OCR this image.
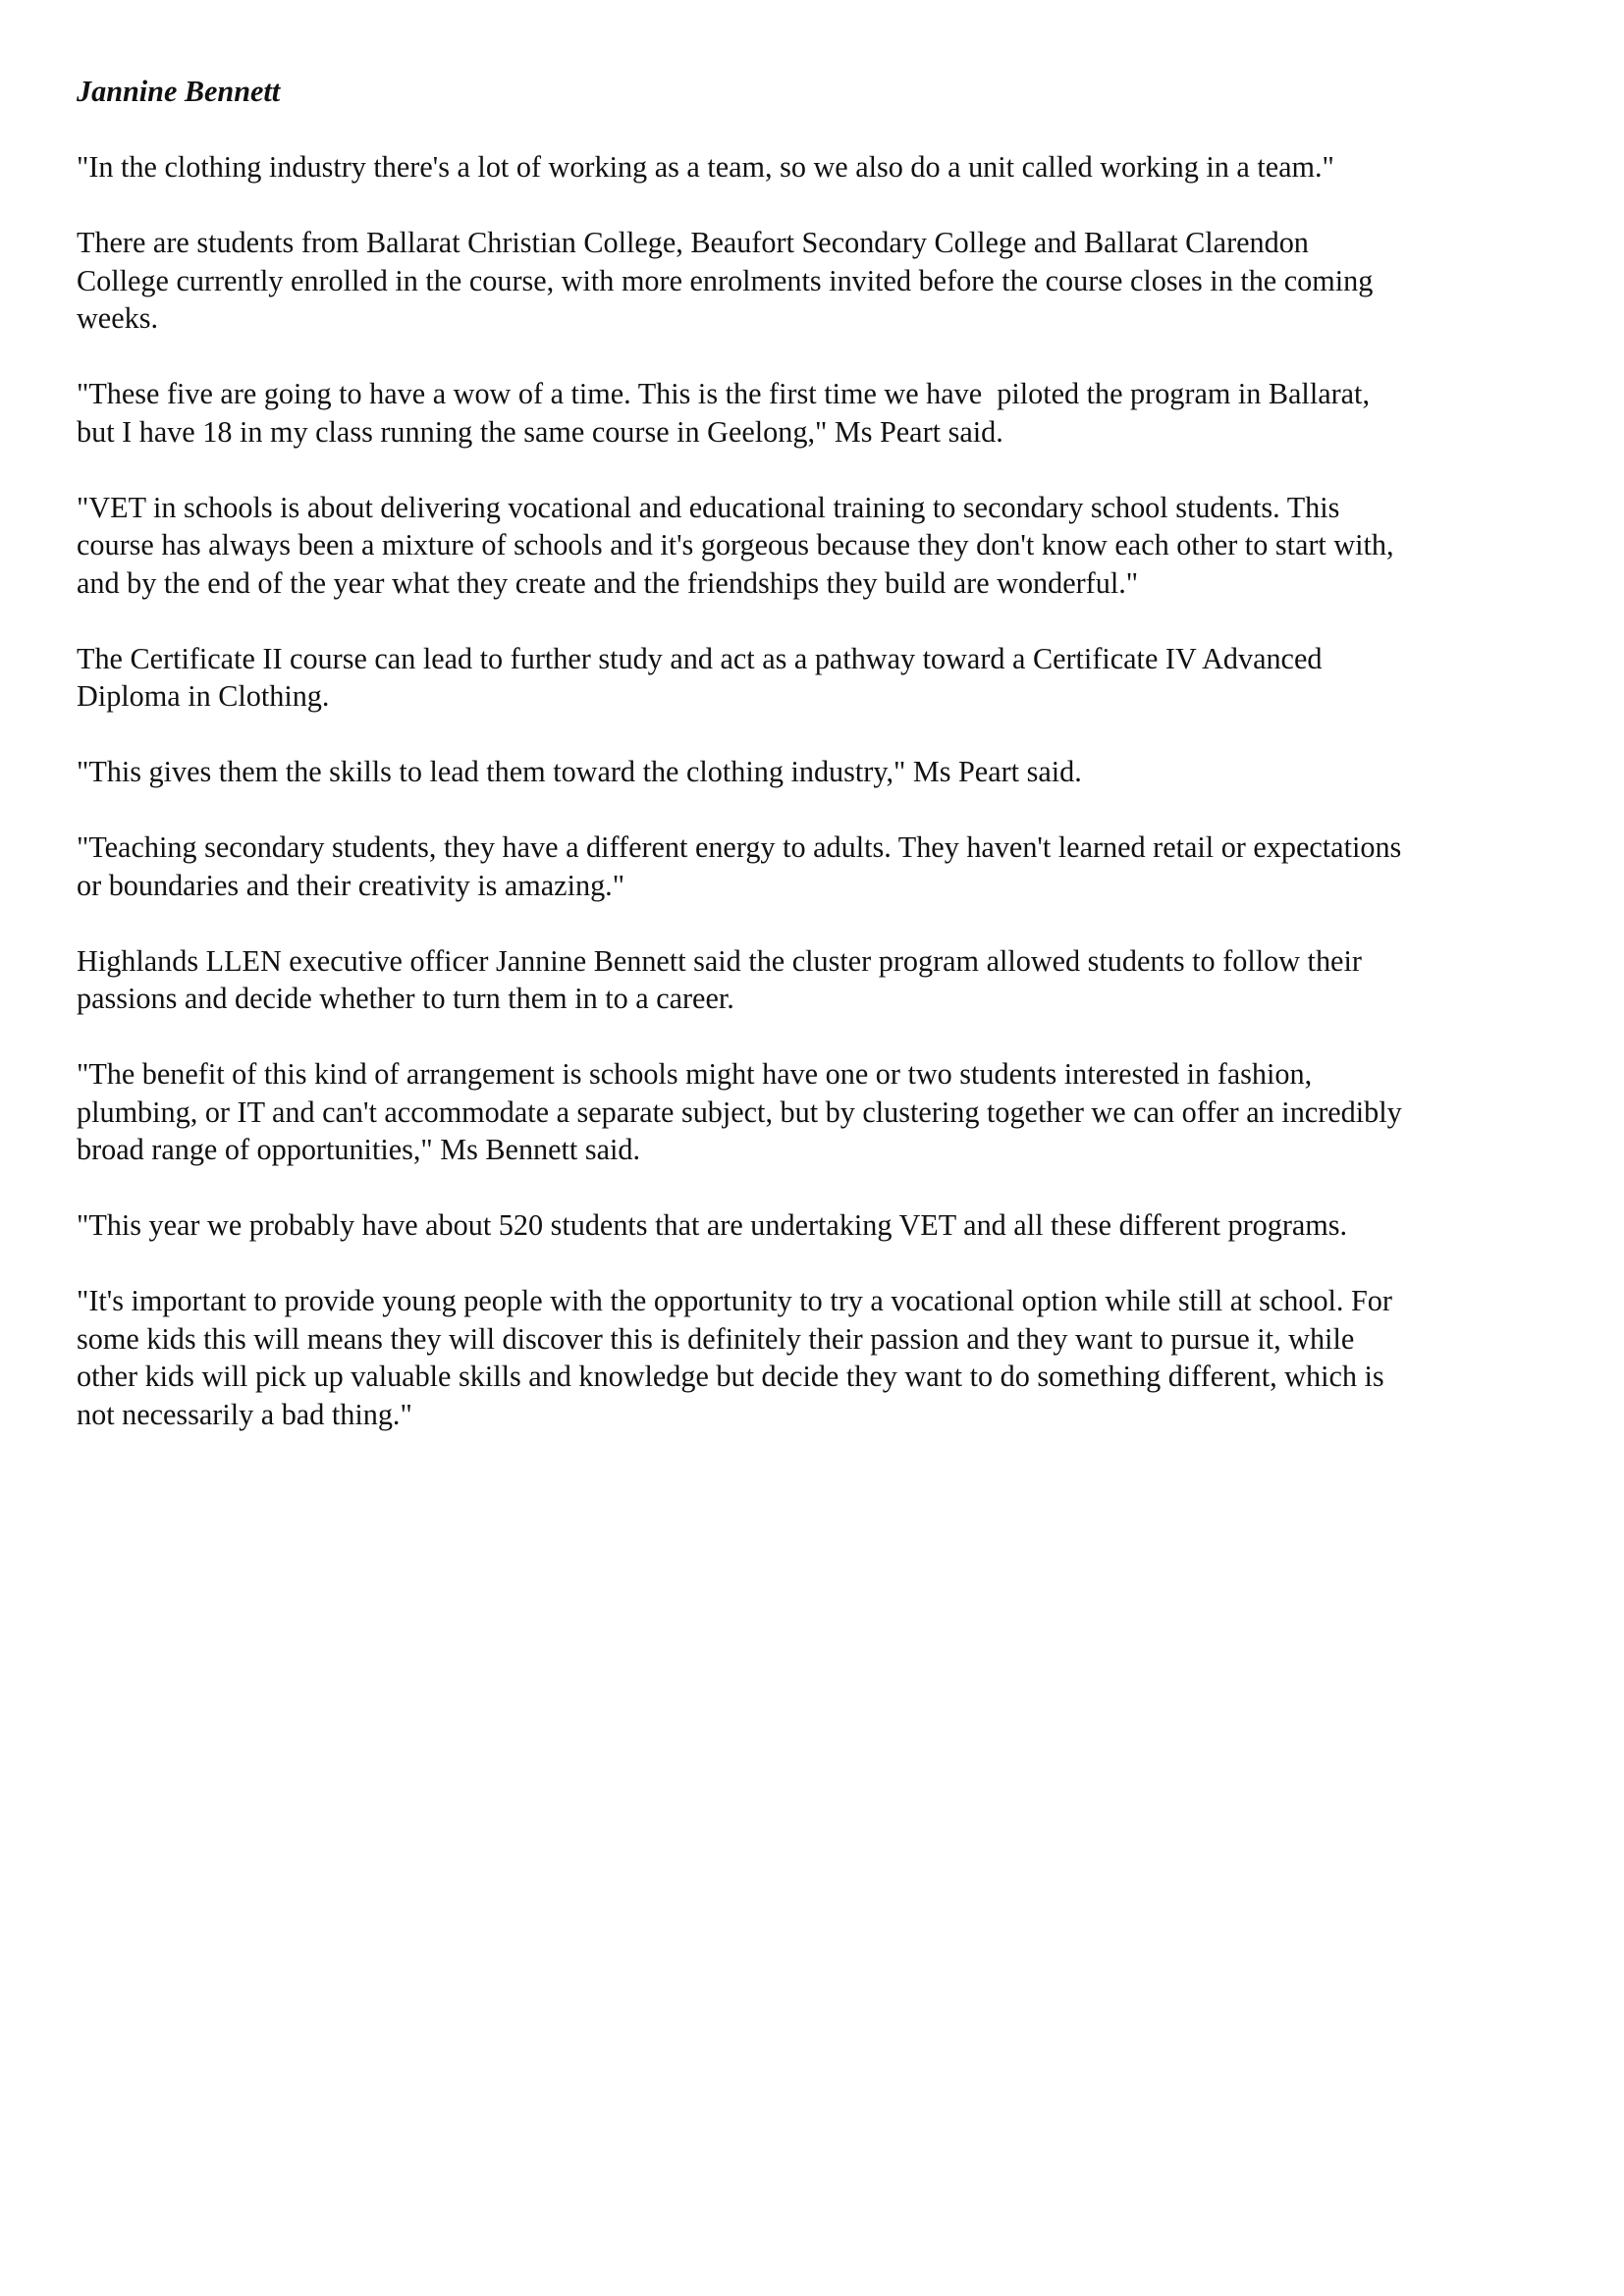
Jannine Bennett
"In the clothing industry there's a lot of working as a team, so we also do a unit called working in a team."
There are students from Ballarat Christian College, Beaufort Secondary College and Ballarat Clarendon
College currently enrolled in the course, with more enrolments invited before the course closes in the coming
weeks.
"These five are going to have a wow of a time. This is the first time we have  piloted the program in Ballarat,
but I have 18 in my class running the same course in Geelong," Ms Peart said.
"VET in schools is about delivering vocational and educational training to secondary school students. This
course has always been a mixture of schools and it's gorgeous because they don't know each other to start with,
and by the end of the year what they create and the friendships they build are wonderful."
The Certificate II course can lead to further study and act as a pathway toward a Certificate IV Advanced
Diploma in Clothing.
"This gives them the skills to lead them toward the clothing industry," Ms Peart said.
"Teaching secondary students, they have a different energy to adults. They haven't learned retail or expectations
or boundaries and their creativity is amazing."
Highlands LLEN executive officer Jannine Bennett said the cluster program allowed students to follow their
passions and decide whether to turn them in to a career.
"The benefit of this kind of arrangement is schools might have one or two students interested in fashion,
plumbing, or IT and can't accommodate a separate subject, but by clustering together we can offer an incredibly
broad range of opportunities," Ms Bennett said.
"This year we probably have about 520 students that are undertaking VET and all these different programs.
"It's important to provide young people with the opportunity to try a vocational option while still at school. For
some kids this will means they will discover this is definitely their passion and they want to pursue it, while
other kids will pick up valuable skills and knowledge but decide they want to do something different, which is
not necessarily a bad thing."
